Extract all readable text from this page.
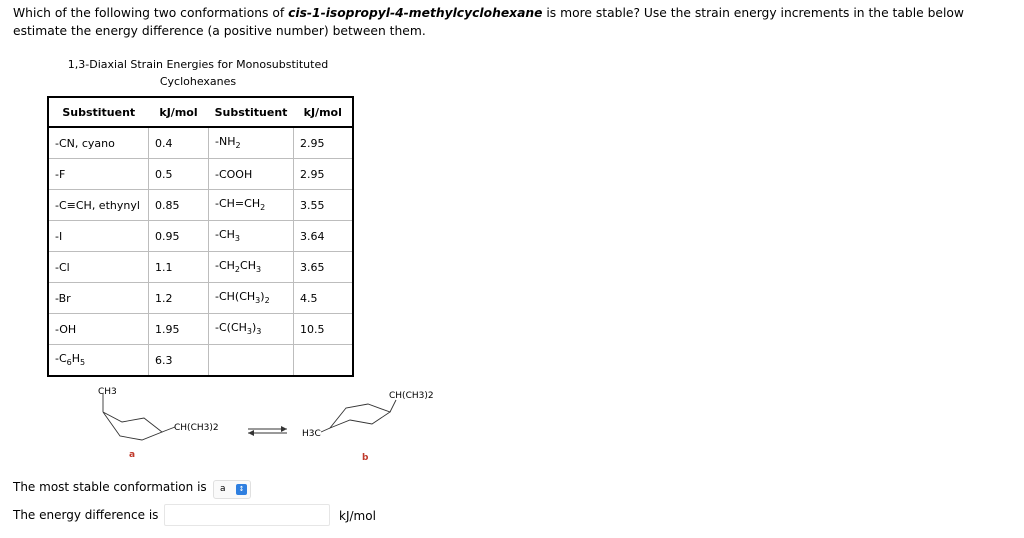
Which of the following two conformations of cis-1-isopropyl-4-methylcyclohexane is more stable? Use the strain energy increments in the table below estimate the energy difference (a positive number) between them.
1,3-Diaxial Strain Energies for Monosubstituted
Cyclohexanes
Substituent	kJ/mol	Substituent	kJ/mol
-CN, cyano	0.4	$-NH_2$	2.95
-F	0.5	-COOH	2.95
-C≡CH, ethynyl	0.85	$-CH=CH_2$	3.55
-I	0.95	$-CH_3$	3.64
-Cl	1.1	$-CH_2CH_3$	3.65
-Br	1.2	$-CH(CH_3)_2$	4.5
-OH	1.95	$-C(CH_3)_3$	10.5
$-C_6H_5$	6.3		
CH3
CH(CH3)2
a
H3C
CH(CH3)2
b
The most stable conformation is a	↕
The energy difference is	kJ/mol
